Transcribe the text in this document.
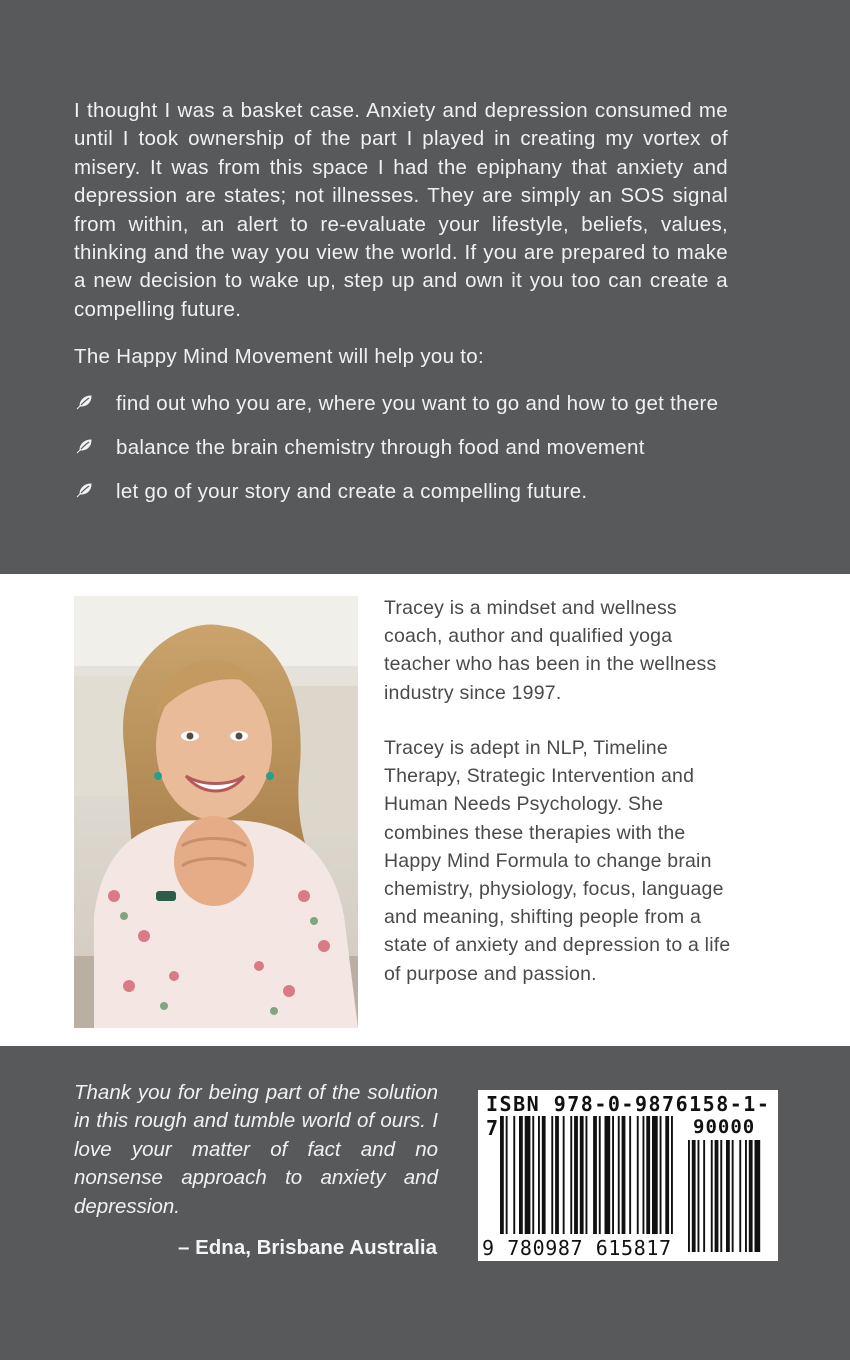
I thought I was a basket case. Anxiety and depression consumed me until I took ownership of the part I played in creating my vortex of misery. It was from this space I had the epiphany that anxiety and depression are states; not illnesses. They are simply an SOS signal from within, an alert to re-evaluate your lifestyle, beliefs, values, thinking and the way you view the world. If you are prepared to make a new decision to wake up, step up and own it you too can create a compelling future.

The Happy Mind Movement will help you to:

find out who you are, where you want to go and how to get there
balance the brain chemistry through food and movement
let go of your story and create a compelling future.

Tracey is a mindset and wellness coach, author and qualified yoga teacher who has been in the wellness industry since 1997.

Tracey is adept in NLP, Timeline Therapy, Strategic Intervention and Human Needs Psychology. She combines these therapies with the Happy Mind Formula to change brain chemistry, physiology, focus, language and meaning, shifting people from a state of anxiety and depression to a life of purpose and passion.

Thank you for being part of the solution in this rough and tumble world of ours. I love your matter of fact and no nonsense approach to anxiety and depression.

– Edna, Brisbane Australia

ISBN 978-0-9876158-1-7	90000

9 780987 615817
